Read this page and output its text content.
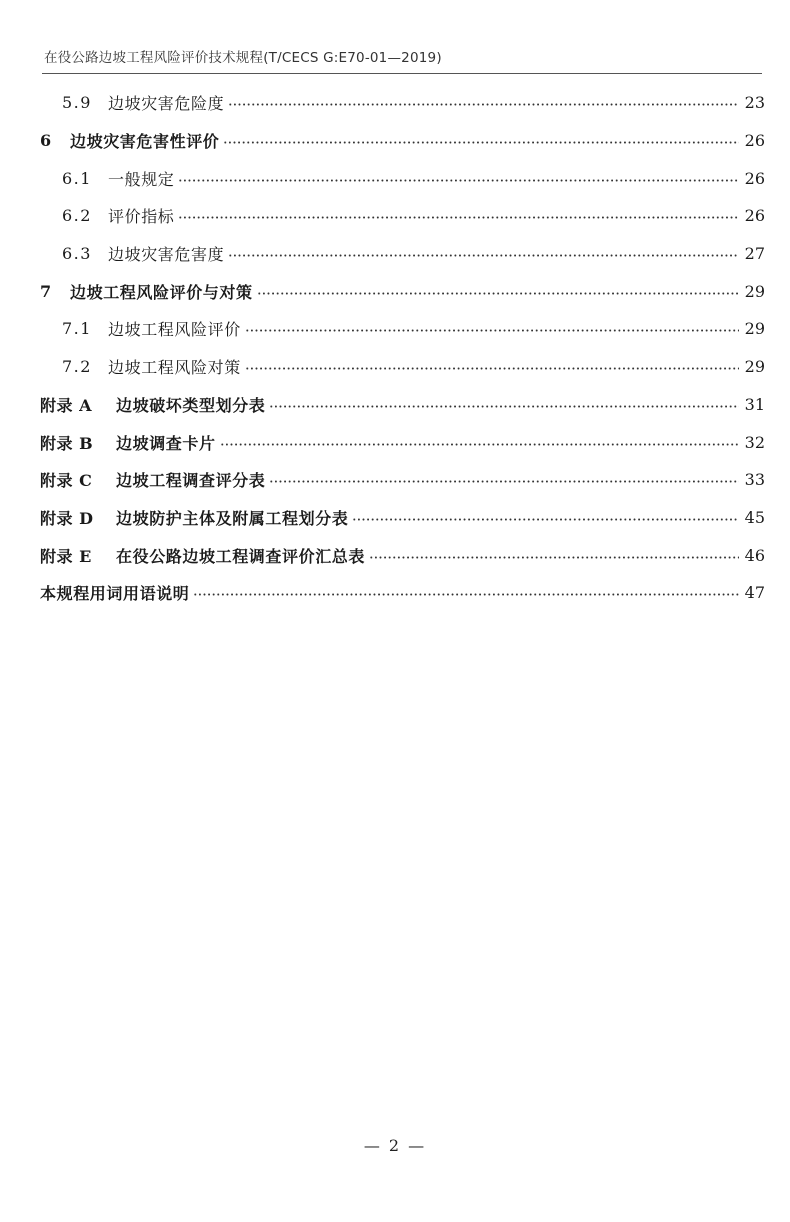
在役公路边坡工程风险评价技术规程(T/CECS G:E70-01—2019)
5.9	边坡灾害危险度	23
6	边坡灾害危害性评价	26
6.1	一般规定	26
6.2	评价指标	26
6.3	边坡灾害危害度	27
7	边坡工程风险评价与对策	29
7.1	边坡工程风险评价	29
7.2	边坡工程风险对策	29
附录 A	边坡破坏类型划分表	31
附录 B	边坡调查卡片	32
附录 C	边坡工程调查评分表	33
附录 D	边坡防护主体及附属工程划分表	45
附录 E	在役公路边坡工程调查评价汇总表	46
本规程用词用语说明	47
— 2 —
